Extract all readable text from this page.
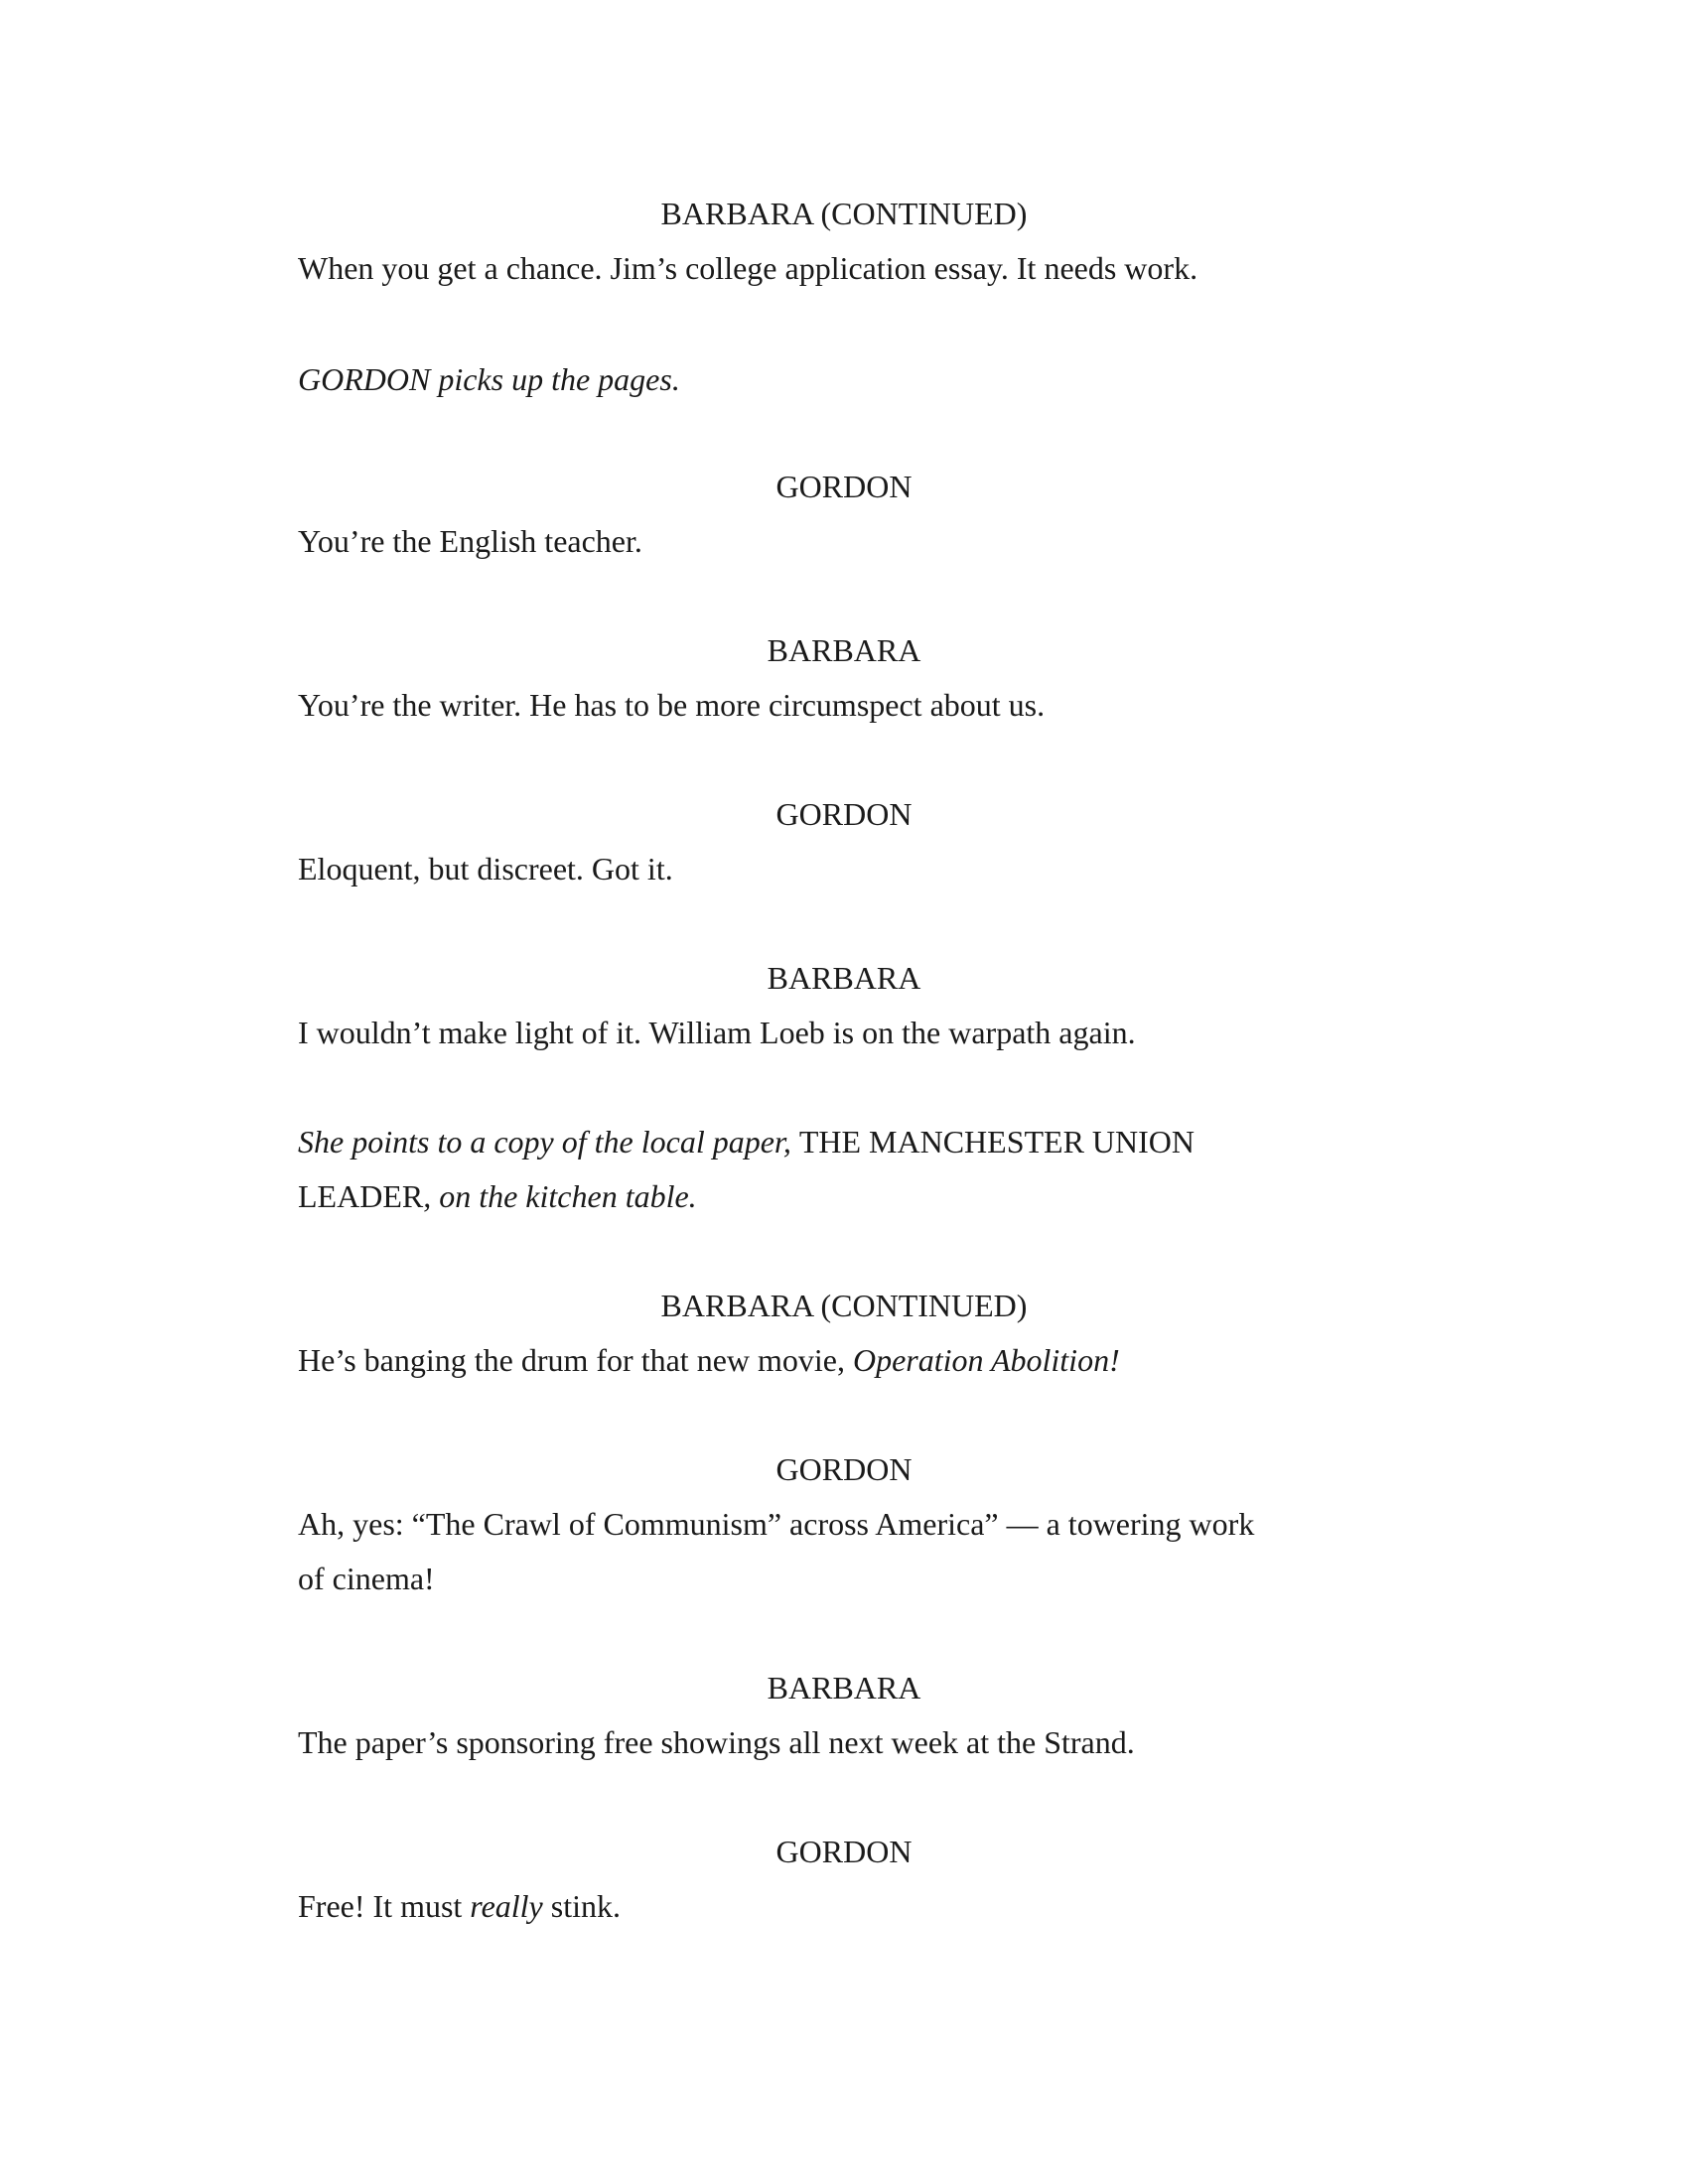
BARBARA (CONTINUED)

When you get a chance. Jim’s college application essay. It needs work.

GORDON picks up the pages.

GORDON

You’re the English teacher.

BARBARA

You’re the writer. He has to be more circumspect about us.

GORDON

Eloquent, but discreet. Got it.

BARBARA

I wouldn’t make light of it. William Loeb is on the warpath again.

She points to a copy of the local paper, THE MANCHESTER UNION

LEADER, on the kitchen table.

BARBARA (CONTINUED)

He’s banging the drum for that new movie, Operation Abolition!

GORDON

Ah, yes: “The Crawl of Communism” across America” — a towering work

of cinema!

BARBARA

The paper’s sponsoring free showings all next week at the Strand.

GORDON

Free! It must really stink.
